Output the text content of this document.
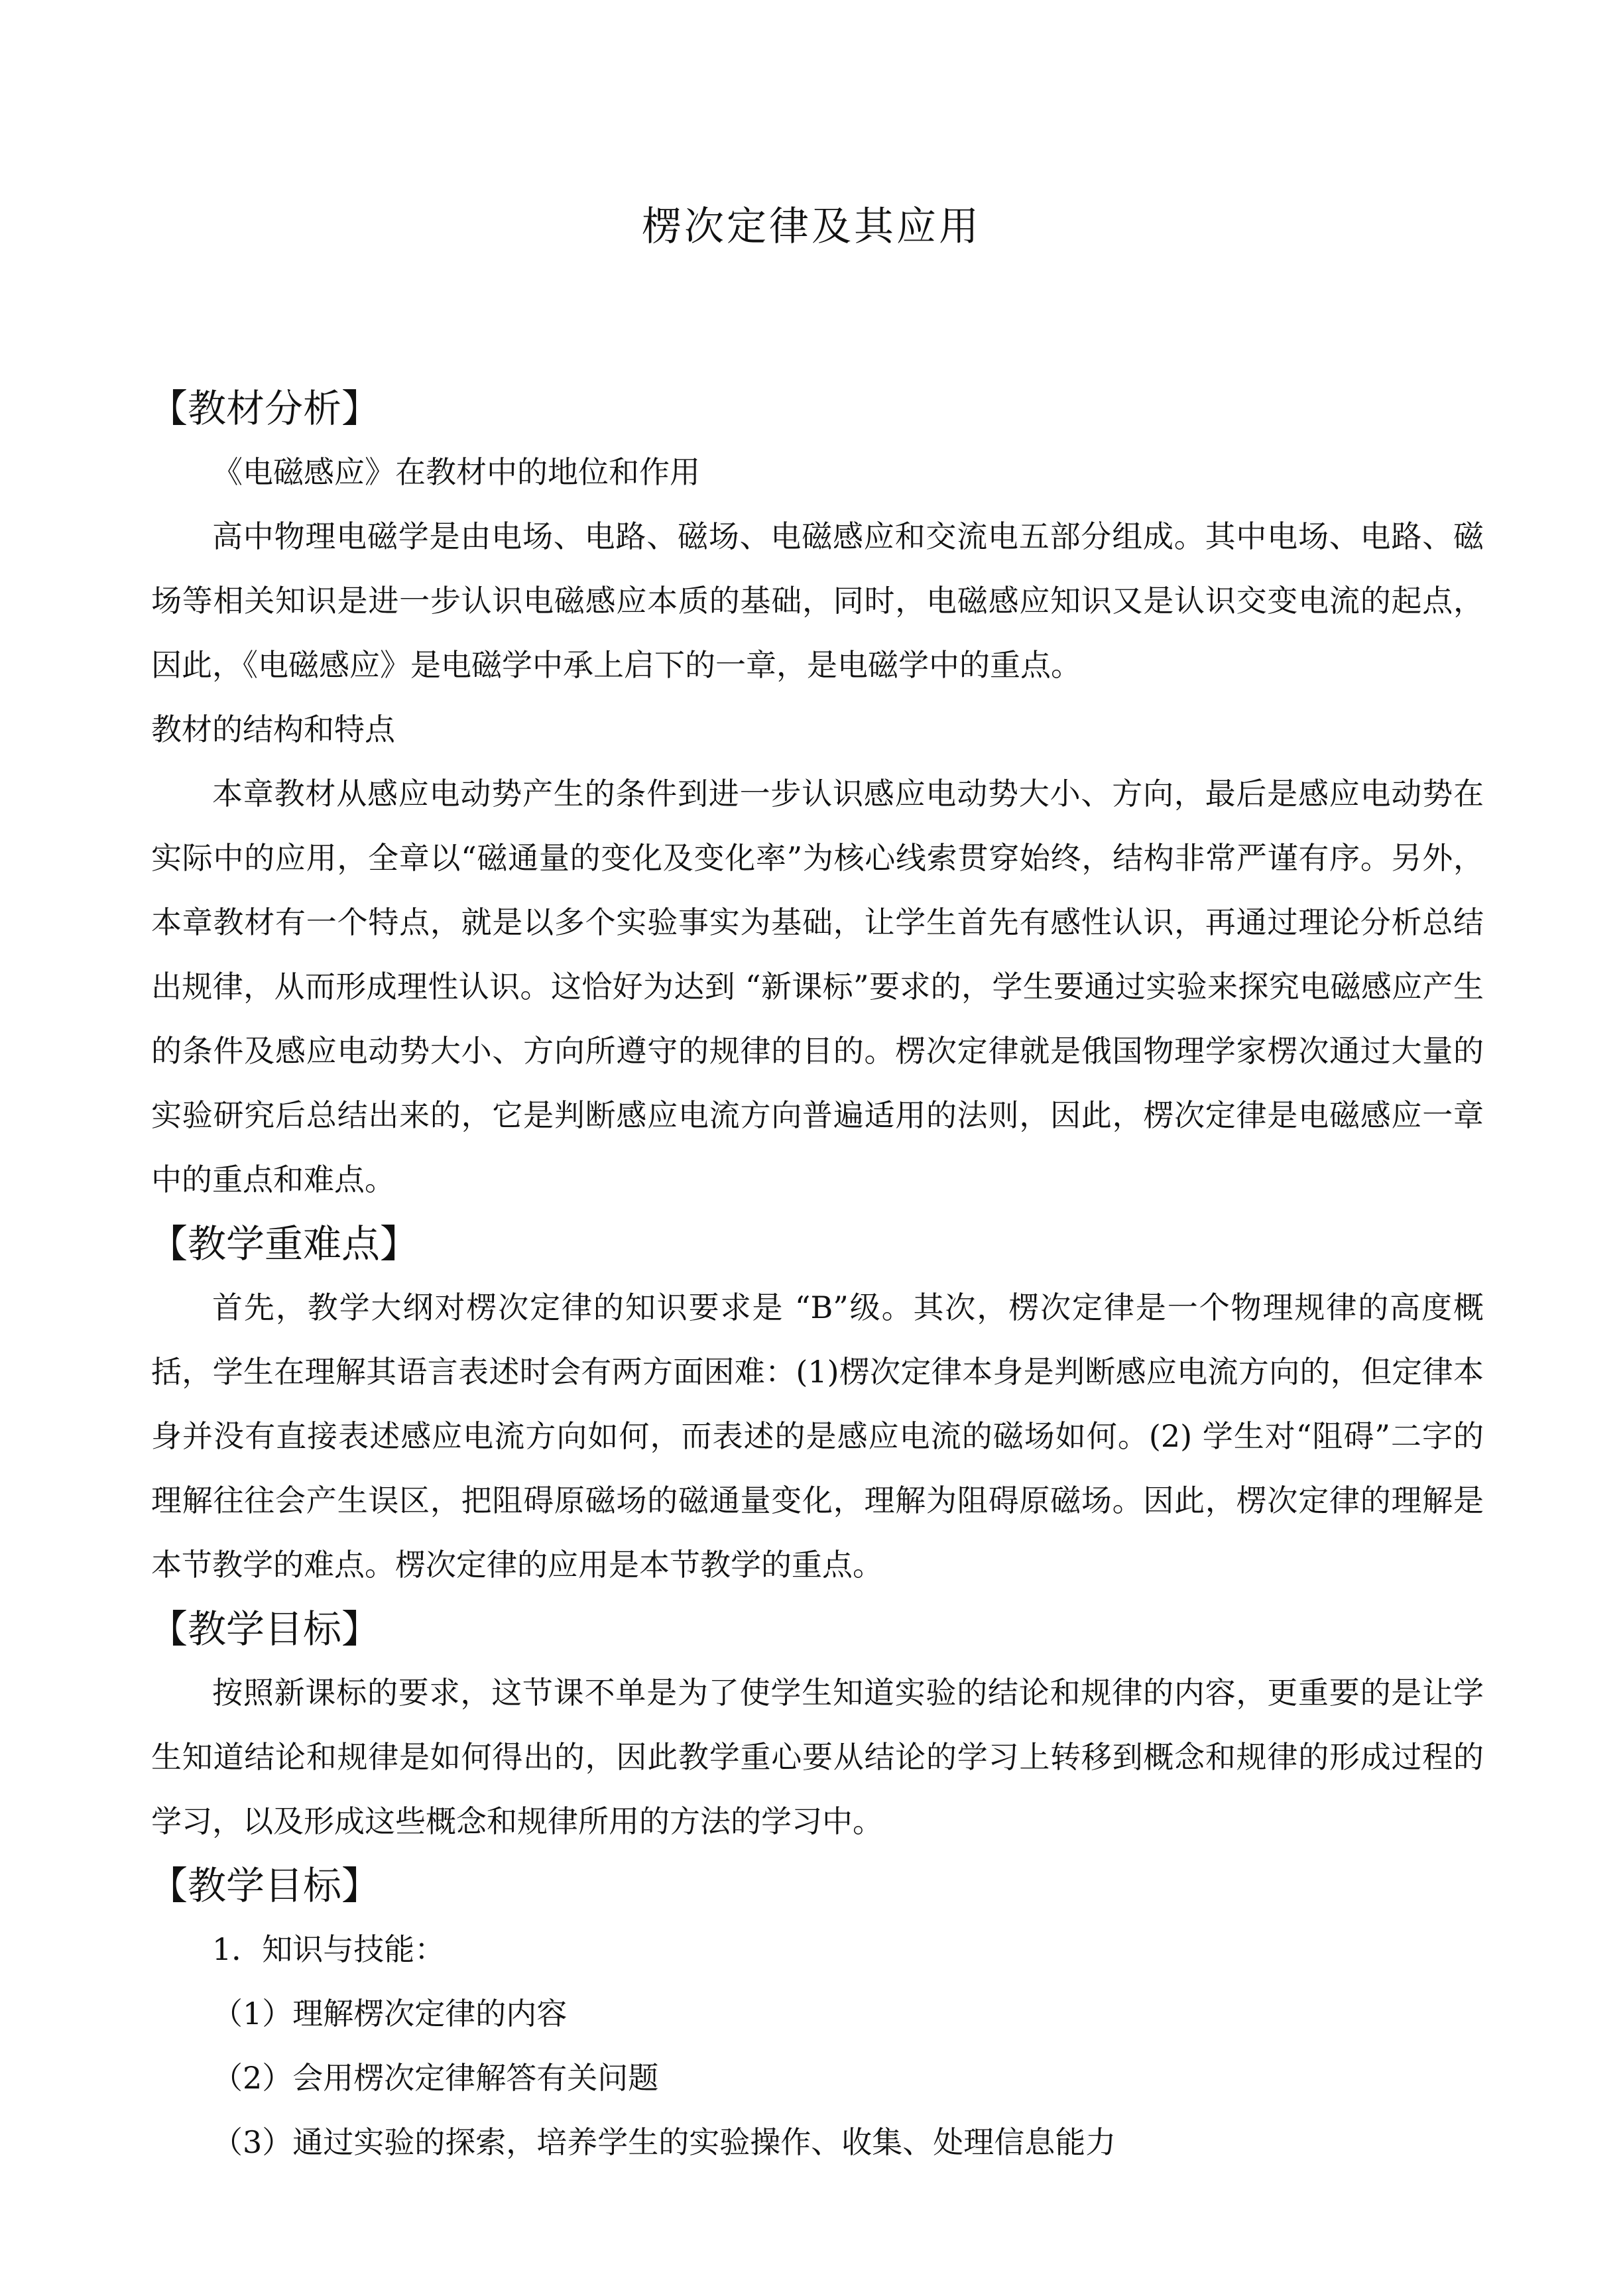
楞次定律及其应用
【教材分析】
《电磁感应》在教材中的地位和作用

高中物理电磁学是由电场、电路、磁场、电磁感应和交流电五部分组成。其中电场、电路、磁场等相关知识是进一步认识电磁感应本质的基础，同时，电磁感应知识又是认识交变电流的起点，因此，《电磁感应》是电磁学中承上启下的一章，是电磁学中的重点。

教材的结构和特点

本章教材从感应电动势产生的条件到进一步认识感应电动势大小、方向，最后是感应电动势在实际中的应用，全章以“磁通量的变化及变化率”为核心线索贯穿始终，结构非常严谨有序。另外，本章教材有一个特点，就是以多个实验事实为基础，让学生首先有感性认识，再通过理论分析总结出规律，从而形成理性认识。这恰好为达到 “新课标”要求的，学生要通过实验来探究电磁感应产生的条件及感应电动势大小、方向所遵守的规律的目的。楞次定律就是俄国物理学家楞次通过大量的实验研究后总结出来的，它是判断感应电流方向普遍适用的法则，因此，楞次定律是电磁感应一章中的重点和难点。

【教学重难点】

首先，教学大纲对楞次定律的知识要求是 “B”级。其次，楞次定律是一个物理规律的高度概括，学生在理解其语言表述时会有两方面困难：(1)楞次定律本身是判断感应电流方向的，但定律本身并没有直接表述感应电流方向如何，而表述的是感应电流的磁场如何。(2) 学生对“阻碍”二字的理解往往会产生误区，把阻碍原磁场的磁通量变化，理解为阻碍原磁场。因此，楞次定律的理解是本节教学的难点。楞次定律的应用是本节教学的重点。

【教学目标】

按照新课标的要求，这节课不单是为了使学生知道实验的结论和规律的内容，更重要的是让学生知道结论和规律是如何得出的，因此教学重心要从结论的学习上转移到概念和规律的形成过程的学习，以及形成这些概念和规律所用的方法的学习中。

【教学目标】
1．知识与技能：
（1）理解楞次定律的内容
（2）会用楞次定律解答有关问题
（3）通过实验的探索，培养学生的实验操作、收集、处理信息能力
